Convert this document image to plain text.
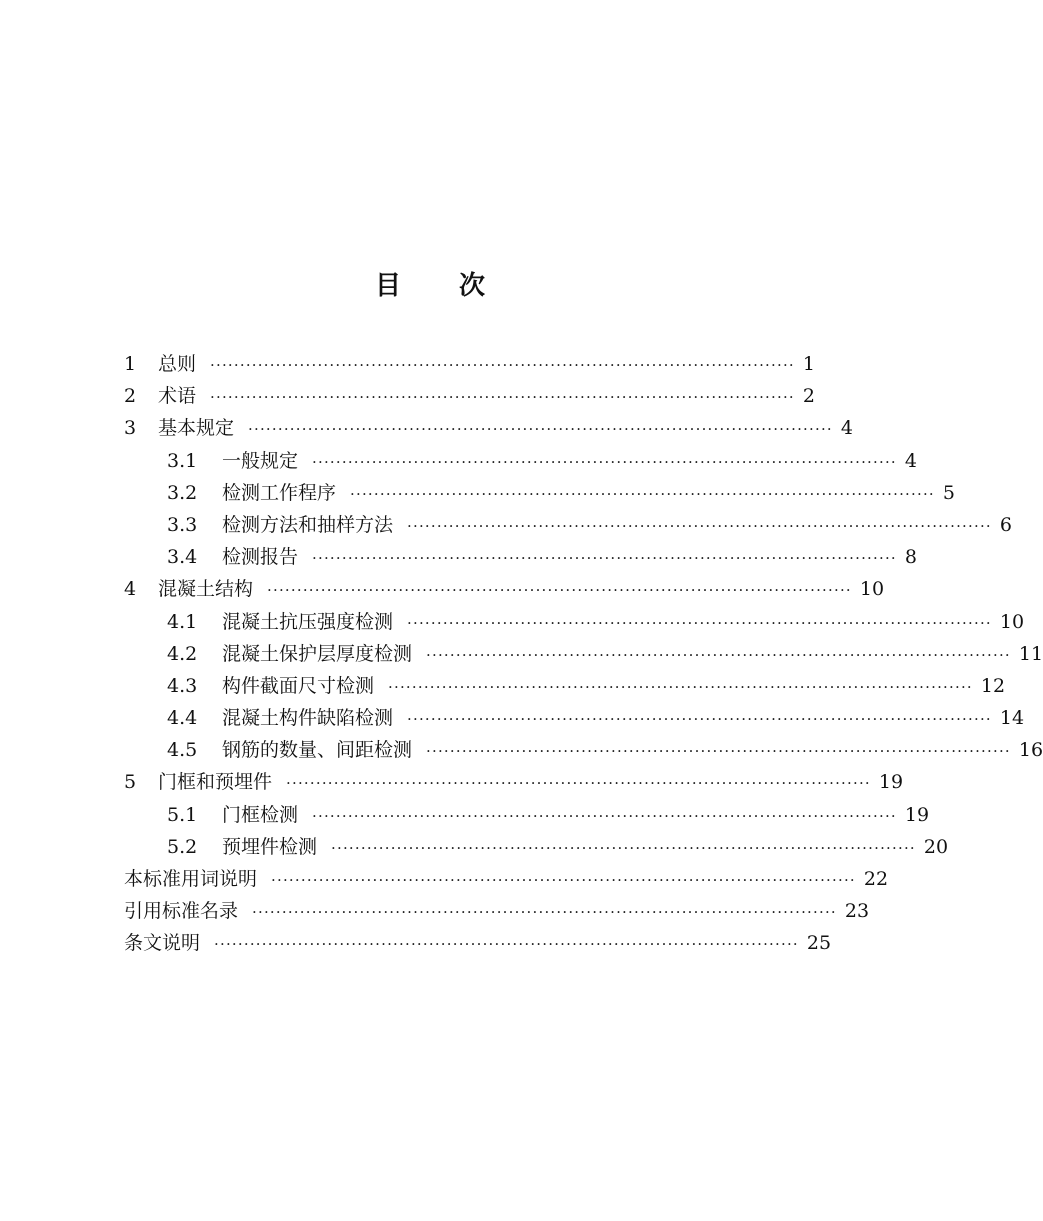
目 次
1	总则 ·································································································· 1
2	术语 ·································································································· 2
3	基本规定 ·································································································· 4
3.1	一般规定 ·································································································· 4
3.2	检测工作程序 ·································································································· 5
3.3	检测方法和抽样方法 ·································································································· 6
3.4	检测报告 ·································································································· 8
4	混凝土结构 ·································································································· 10
4.1	混凝土抗压强度检测 ·································································································· 10
4.2	混凝土保护层厚度检测 ·································································································· 11
4.3	构件截面尺寸检测 ·································································································· 12
4.4	混凝土构件缺陷检测 ·································································································· 14
4.5	钢筋的数量、间距检测 ·································································································· 16
5	门框和预埋件 ·································································································· 19
5.1	门框检测 ·································································································· 19
5.2	预埋件检测 ·································································································· 20
本标准用词说明 ·································································································· 22
引用标准名录 ·································································································· 23
条文说明 ·································································································· 25
